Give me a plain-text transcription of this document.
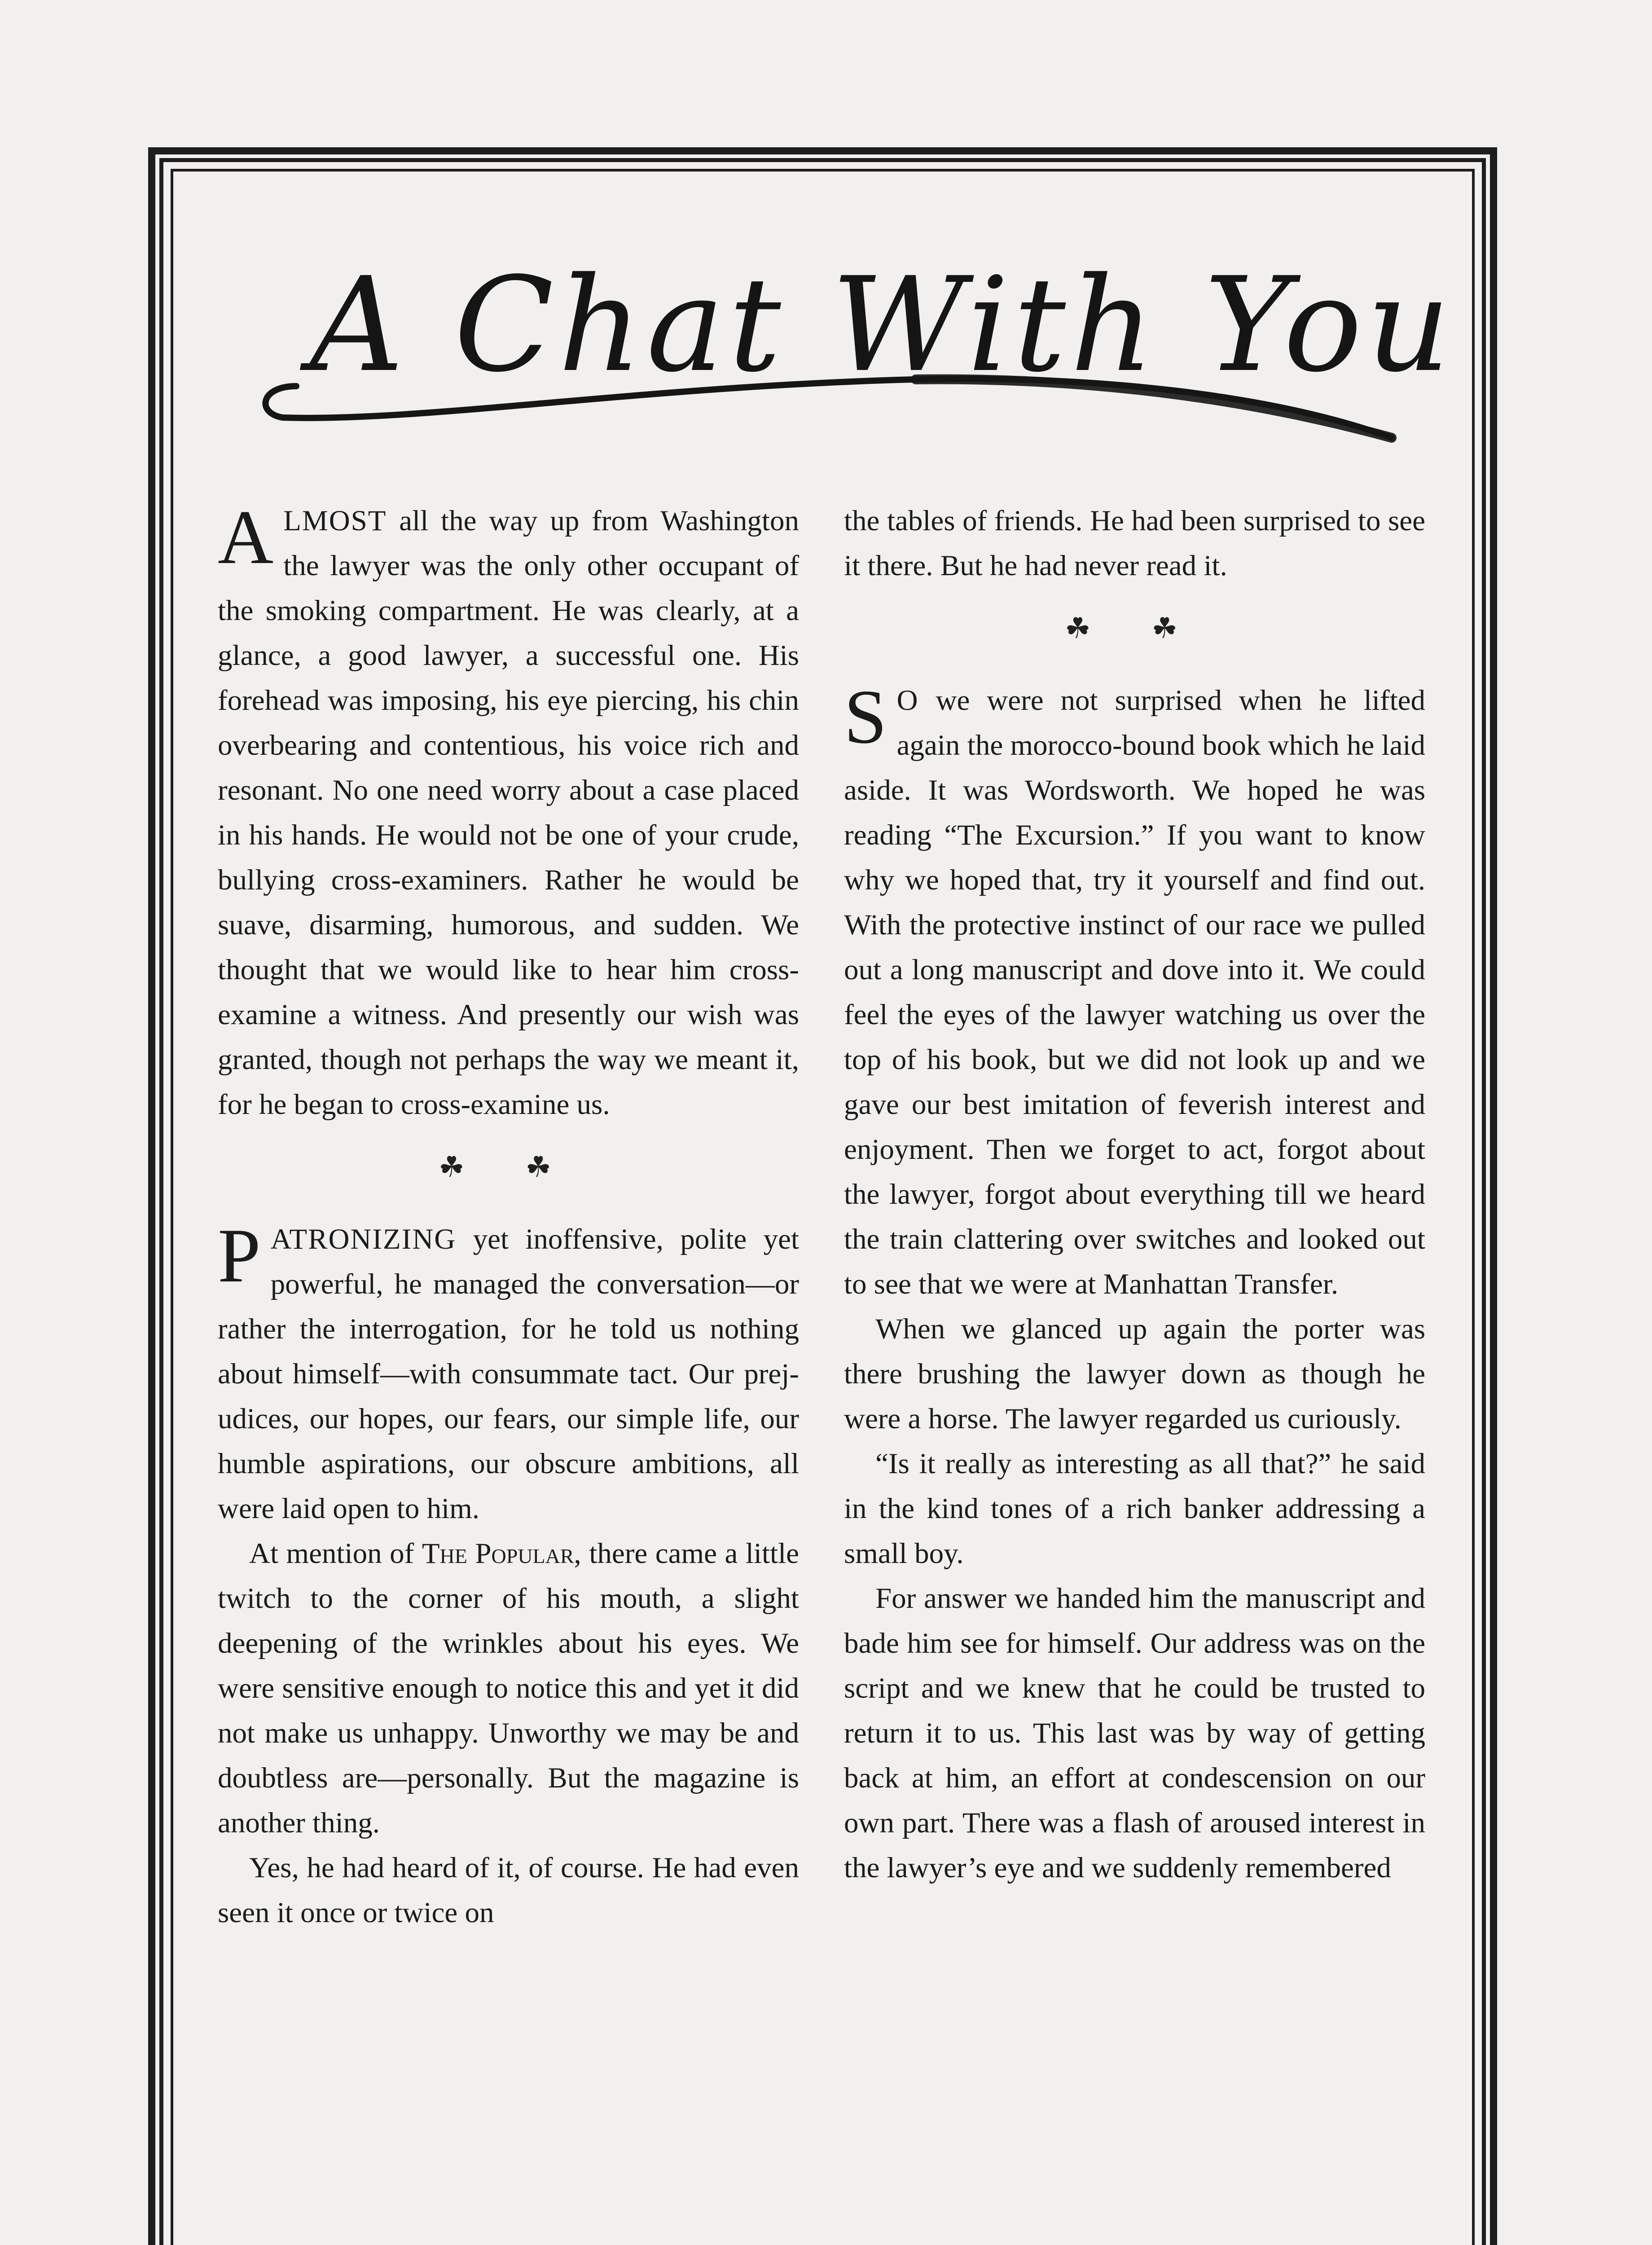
A Chat With You

ALMOST all the way up from Washington the lawyer was the only other occupant of the smoking compartment. He was clearly, at a glance, a good lawyer, a successful one. His forehead was imposing, his eye piercing, his chin overbearing and contentious, his voice rich and resonant. No one need worry about a case placed in his hands. He would not be one of your crude, bullying cross-examiners. Rather he would be suave, disarming, humorous, and sudden. We thought that we would like to hear him cross-examine a witness. And presently our wish was granted, though not perhaps the way we meant it, for he began to cross-examine us.

☘ ☘

PATRONIZING yet inoffensive, polite yet powerful, he managed the conversation—or rather the interrogation, for he told us nothing about himself—with consummate tact. Our prejudices, our hopes, our fears, our simple life, our humble aspirations, our obscure ambitions, all were laid open to him.

At mention of The Popular, there came a little twitch to the corner of his mouth, a slight deepening of the wrinkles about his eyes. We were sensitive enough to notice this and yet it did not make us unhappy. Unworthy we may be and doubtless are—personally. But the magazine is another thing.

Yes, he had heard of it, of course. He had even seen it once or twice on

the tables of friends. He had been surprised to see it there. But he had never read it.

☘ ☘

S O we were not surprised when he lifted again the morocco-bound book which he laid aside. It was Wordsworth. We hoped he was reading “The Excursion.” If you want to know why we hoped that, try it yourself and find out. With the protective instinct of our race we pulled out a long manuscript and dove into it. We could feel the eyes of the lawyer watching us over the top of his book, but we did not look up and we gave our best imitation of feverish interest and enjoyment. Then we forget to act, forgot about the lawyer, forgot about everything till we heard the train clattering over switches and looked out to see that we were at Manhattan Transfer.

When we glanced up again the porter was there brushing the lawyer down as though he were a horse. The lawyer regarded us curiously.

“Is it really as interesting as all that?” he said in the kind tones of a rich banker addressing a small boy.

For answer we handed him the manuscript and bade him see for himself. Our address was on the script and we knew that he could be trusted to return it to us. This last was by way of getting back at him, an effort at condescension on our own part. There was a flash of aroused interest in the lawyer’s eye and we suddenly remembered
